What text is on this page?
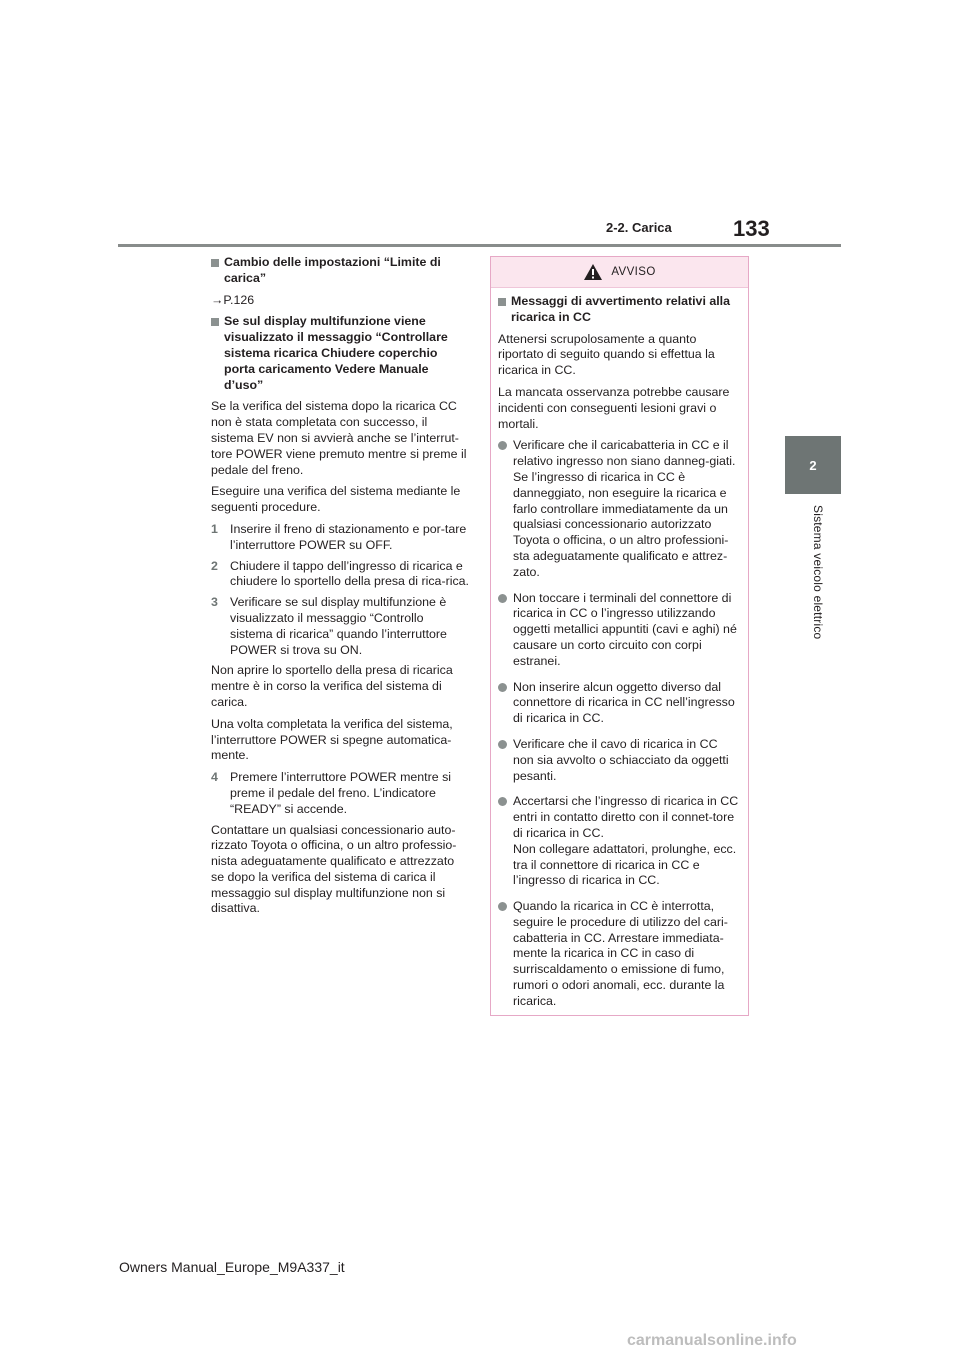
133
2-2. Carica
2
Sistema veicolo elettrico
Cambio delle impostazioni “Limite di carica”

→P.126

Se sul display multifunzione viene visualizzato il messaggio “Controllare sistema ricarica Chiudere coperchio porta caricamento Vedere Manuale d’uso”

Se la verifica del sistema dopo la ricarica CC non è stata completata con successo, il sistema EV non si avvierà anche se l’interrut-tore POWER viene premuto mentre si preme il pedale del freno.

Eseguire una verifica del sistema mediante le seguenti procedure.

1 Inserire il freno di stazionamento e por-tare l’interruttore POWER su OFF.
2 Chiudere il tappo dell’ingresso di ricarica e chiudere lo sportello della presa di rica-rica.
3 Verificare se sul display multifunzione è visualizzato il messaggio “Controllo sistema di ricarica” quando l’interruttore POWER si trova su ON.

Non aprire lo sportello della presa di ricarica mentre è in corso la verifica del sistema di carica.

Una volta completata la verifica del sistema, l’interruttore POWER si spegne automatica-mente.

4 Premere l’interruttore POWER mentre si preme il pedale del freno. L’indicatore “READY” si accende.

Contattare un qualsiasi concessionario auto-rizzato Toyota o officina, o un altro professio-nista adeguatamente qualificato e attrezzato se dopo la verifica del sistema di carica il messaggio sul display multifunzione non si disattiva.

AVVISO
Messaggi di avvertimento relativi alla ricarica in CC

Attenersi scrupolosamente a quanto riportato di seguito quando si effettua la ricarica in CC.

La mancata osservanza potrebbe causare incidenti con conseguenti lesioni gravi o mortali.

Verificare che il caricabatteria in CC e il relativo ingresso non siano danneg-giati. Se l’ingresso di ricarica in CC è danneggiato, non eseguire la ricarica e farlo controllare immediatamente da un qualsiasi concessionario autorizzato Toyota o officina, o un altro professioni-sta adeguatamente qualificato e attrez-zato.
Non toccare i terminali del connettore di ricarica in CC o l’ingresso utilizzando oggetti metallici appuntiti (cavi e aghi) né causare un corto circuito con corpi estranei.
Non inserire alcun oggetto diverso dal connettore di ricarica in CC nell’ingresso di ricarica in CC.
Verificare che il cavo di ricarica in CC non sia avvolto o schiacciato da oggetti pesanti.
Accertarsi che l’ingresso di ricarica in CC entri in contatto diretto con il connet-tore di ricarica in CC.
Non collegare adattatori, prolunghe, ecc. tra il connettore di ricarica in CC e l’ingresso di ricarica in CC.
Quando la ricarica in CC è interrotta, seguire le procedure di utilizzo del cari-cabatteria in CC. Arrestare immediata-mente la ricarica in CC in caso di surriscaldamento o emissione di fumo, rumori o odori anomali, ecc. durante la ricarica.
Owners Manual_Europe_M9A337_it
carmanualsonline.info
